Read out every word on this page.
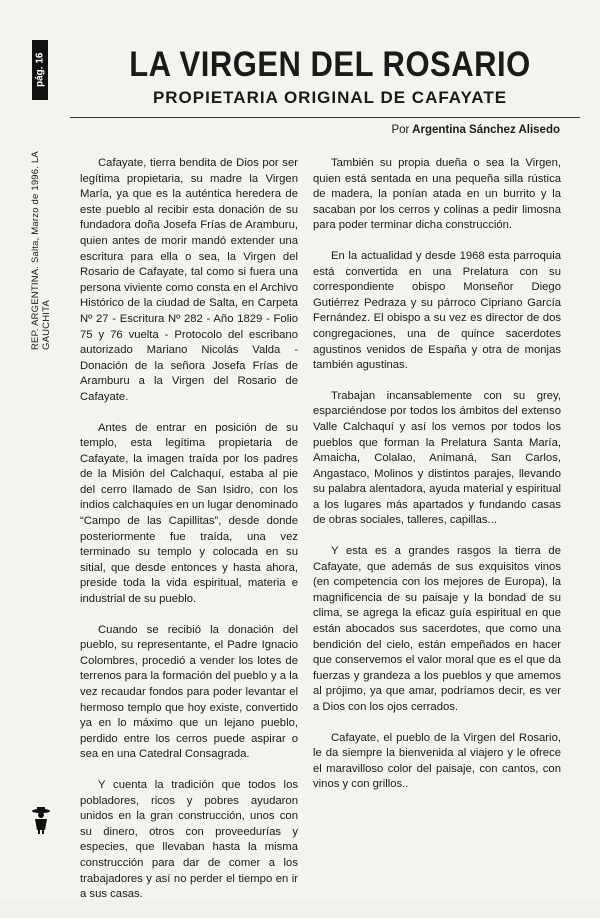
pág. 16
REP. ARGENTINA. Salta, Marzo de 1996. LA GAUCHITA
LA VIRGEN DEL ROSARIO
PROPIETARIA ORIGINAL DE CAFAYATE
Por Argentina Sánchez Alisedo

Cafayate, tierra bendita de Dios por ser legítima propietaria, su madre la Virgen María, ya que es la auténtica heredera de este pueblo al recibir esta donación de su fundadora doña Josefa Frías de Aramburu, quien antes de morir mandó extender una escritura para ella o sea, la Virgen del Rosario de Cafayate, tal como si fuera una persona viviente como consta en el Archivo Histórico de la ciudad de Salta, en Carpeta Nº 27 - Escritura Nº 282 - Año 1829 - Folio 75 y 76 vuelta - Protocolo del escribano autorizado Mariano Nicolás Valda - Donación de la señora Josefa Frías de Aramburu a la Virgen del Rosario de Cafayate.

Antes de entrar en posición de su templo, esta legítima propietaria de Cafayate, la imagen traída por los padres de la Misión del Calchaquí, estaba al pie del cerro llamado de San Isidro, con los indios calchaquíes en un lugar denominado “Campo de las Capillitas”, desde donde posteriormente fue traída, una vez terminado su templo y colocada en su sitial, que desde entonces y hasta ahora, preside toda la vida espiritual, materia e industrial de su pueblo.

Cuando se recibió la donación del pueblo, su representante, el Padre Ignacio Colombres, procedió a vender los lotes de terrenos para la formación del pueblo y a la vez recaudar fondos para poder levantar el hermoso templo que hoy existe, convertido ya en lo máximo que un lejano pueblo, perdido entre los cerros puede aspirar o sea en una Catedral Consagrada.

Y cuenta la tradición que todos los pobladores, ricos y pobres ayudaron unidos en la gran construcción, unos con su dinero, otros con proveedurías y especies, que llevaban hasta la misma construcción para dar de comer a los trabajadores y así no perder el tiempo en ir a sus casas.

También su propia dueña o sea la Virgen, quien está sentada en una pequeña silla rústica de madera, la ponían atada en un burrito y la sacaban por los cerros y colinas a pedir limosna para poder terminar dicha construcción.

En la actualidad y desde 1968 esta parroquia está convertida en una Prelatura con su correspondiente obispo Monseñor Diego Gutiérrez Pedraza y su párroco Cipriano García Fernández. El obispo a su vez es director de dos congregaciones, una de quince sacerdotes agustinos venidos de España y otra de monjas también agustinas.

Trabajan incansablemente con su grey, esparciéndose por todos los ámbitos del extenso Valle Calchaquí y así los vemos por todos los pueblos que forman la Prelatura Santa María, Amaicha, Colalao, Animaná, San Carlos, Angastaco, Molinos y distintos parajes, llevando su palabra alentadora, ayuda material y espiritual a los lugares más apartados y fundando casas de obras sociales, talleres, capillas...

Y esta es a grandes rasgos la tierra de Cafayate, que además de sus exquisitos vinos (en competencia con los mejores de Europa), la magnificencia de su paisaje y la bondad de su clima, se agrega la eficaz guía espiritual en que están abocados sus sacerdotes, que como una bendición del cielo, están empeñados en hacer que conservemos el valor moral que es el que da fuerzas y grandeza a los pueblos y que amemos al prójimo, ya que amar, podríamos decir, es ver a Dios con los ojos cerrados.

Cafayate, el pueblo de la Virgen del Rosario, le da siempre la bienvenida al viajero y le ofrece el maravilloso color del paisaje, con cantos, con vinos y con grillos..
